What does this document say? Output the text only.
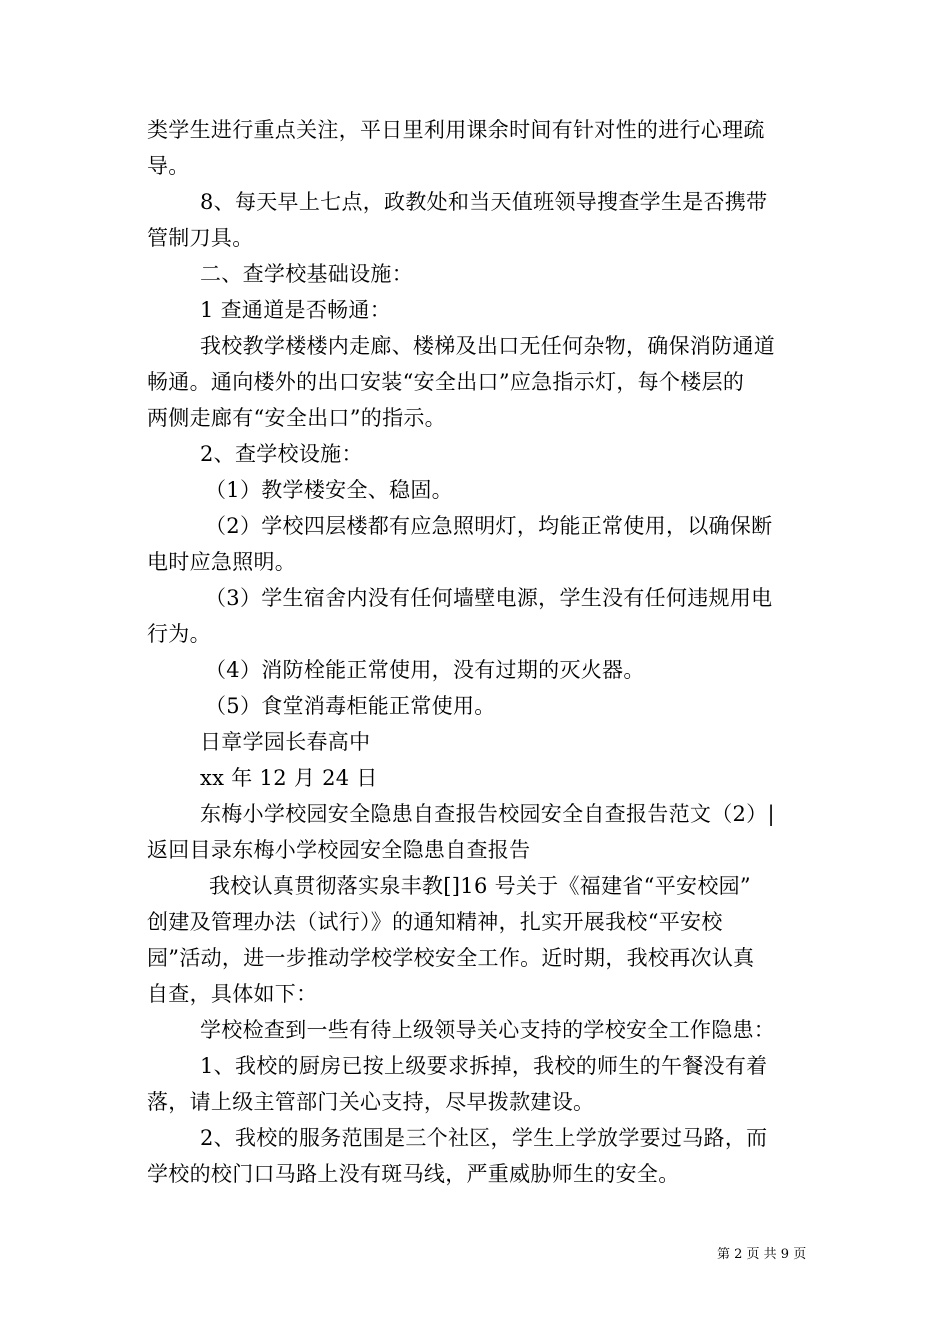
类学生进行重点关注，平日里利用课余时间有针对性的进行心理疏
导。
8、每天早上七点，政教处和当天值班领导搜查学生是否携带
管制刀具。
二、查学校基础设施：
1 查通道是否畅通：
我校教学楼楼内走廊、楼梯及出口无任何杂物，确保消防通道
畅通。通向楼外的出口安装“安全出口”应急指示灯，每个楼层的
两侧走廊有“安全出口”的指示。
2、查学校设施：
（1）教学楼安全、稳固。
（2）学校四层楼都有应急照明灯，均能正常使用，以确保断
电时应急照明。
（3）学生宿舍内没有任何墙壁电源，学生没有任何违规用电
行为。
（4）消防栓能正常使用，没有过期的灭火器。
（5）食堂消毒柜能正常使用。
日章学园长春高中
xx 年 12 月 24 日
东梅小学校园安全隐患自查报告校园安全自查报告范文（2）|
返回目录东梅小学校园安全隐患自查报告
我校认真贯彻落实泉丰教[]16 号关于《福建省“平安校园”
创建及管理办法（试行）》的通知精神，扎实开展我校“平安校
园”活动，进一步推动学校学校安全工作。近时期，我校再次认真
自查，具体如下：
学校检查到一些有待上级领导关心支持的学校安全工作隐患：
1、我校的厨房已按上级要求拆掉，我校的师生的午餐没有着
落，请上级主管部门关心支持，尽早拨款建设。
2、我校的服务范围是三个社区，学生上学放学要过马路，而
学校的校门口马路上没有斑马线，严重威胁师生的安全。
第 2 页 共 9 页
